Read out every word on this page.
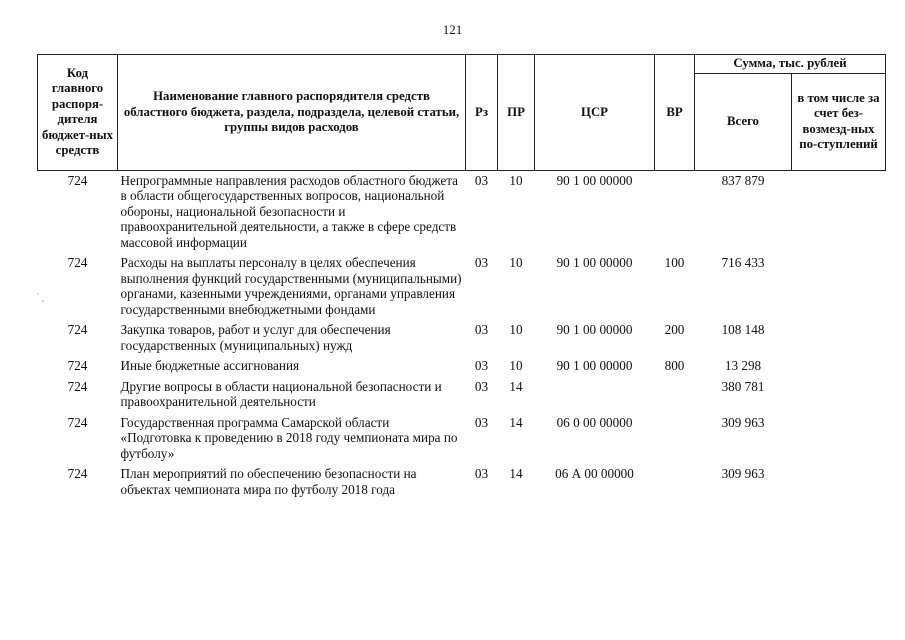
121
Код главного распоря-дителя бюджет-ных средств	Наименование главного распорядителя средств областного бюджета, раздела, подраздела, целевой статьи, группы видов расходов	Рз	ПР	ЦСР	ВР	Сумма, тыс. рублей	
						Всего	в том числе за счет без-возмезд-ных по-ступлений
724	Непрограммные направления расходов областного бюджета в области общегосударственных вопросов, национальной обороны, национальной безопасности и правоохранительной деятельности, а также в сфере средств массовой информации	03	10	90 1 00 00000		837 879	
724	Расходы на выплаты персоналу в целях обеспечения выполнения функций государственными (муниципальными) органами, казенными учреждениями, органами управления государственными внебюджетными фондами	03	10	90 1 00 00000	100	716 433	
724	Закупка товаров, работ и услуг для обеспечения государственных (муниципальных) нужд	03	10	90 1 00 00000	200	108 148	
724	Иные бюджетные ассигнования	03	10	90 1 00 00000	800	13 298	
724	Другие вопросы в области национальной безопасности и правоохранительной деятельности	03	14			380 781	
724	Государственная программа Самарской области «Подготовка к проведению в 2018 году чемпионата мира по футболу»	03	14	06 0 00 00000		309 963	
724	План мероприятий по обеспечению безопасности на объектах чемпионата мира по футболу 2018 года	03	14	06 А 00 00000		309 963	
˙ ˎ
